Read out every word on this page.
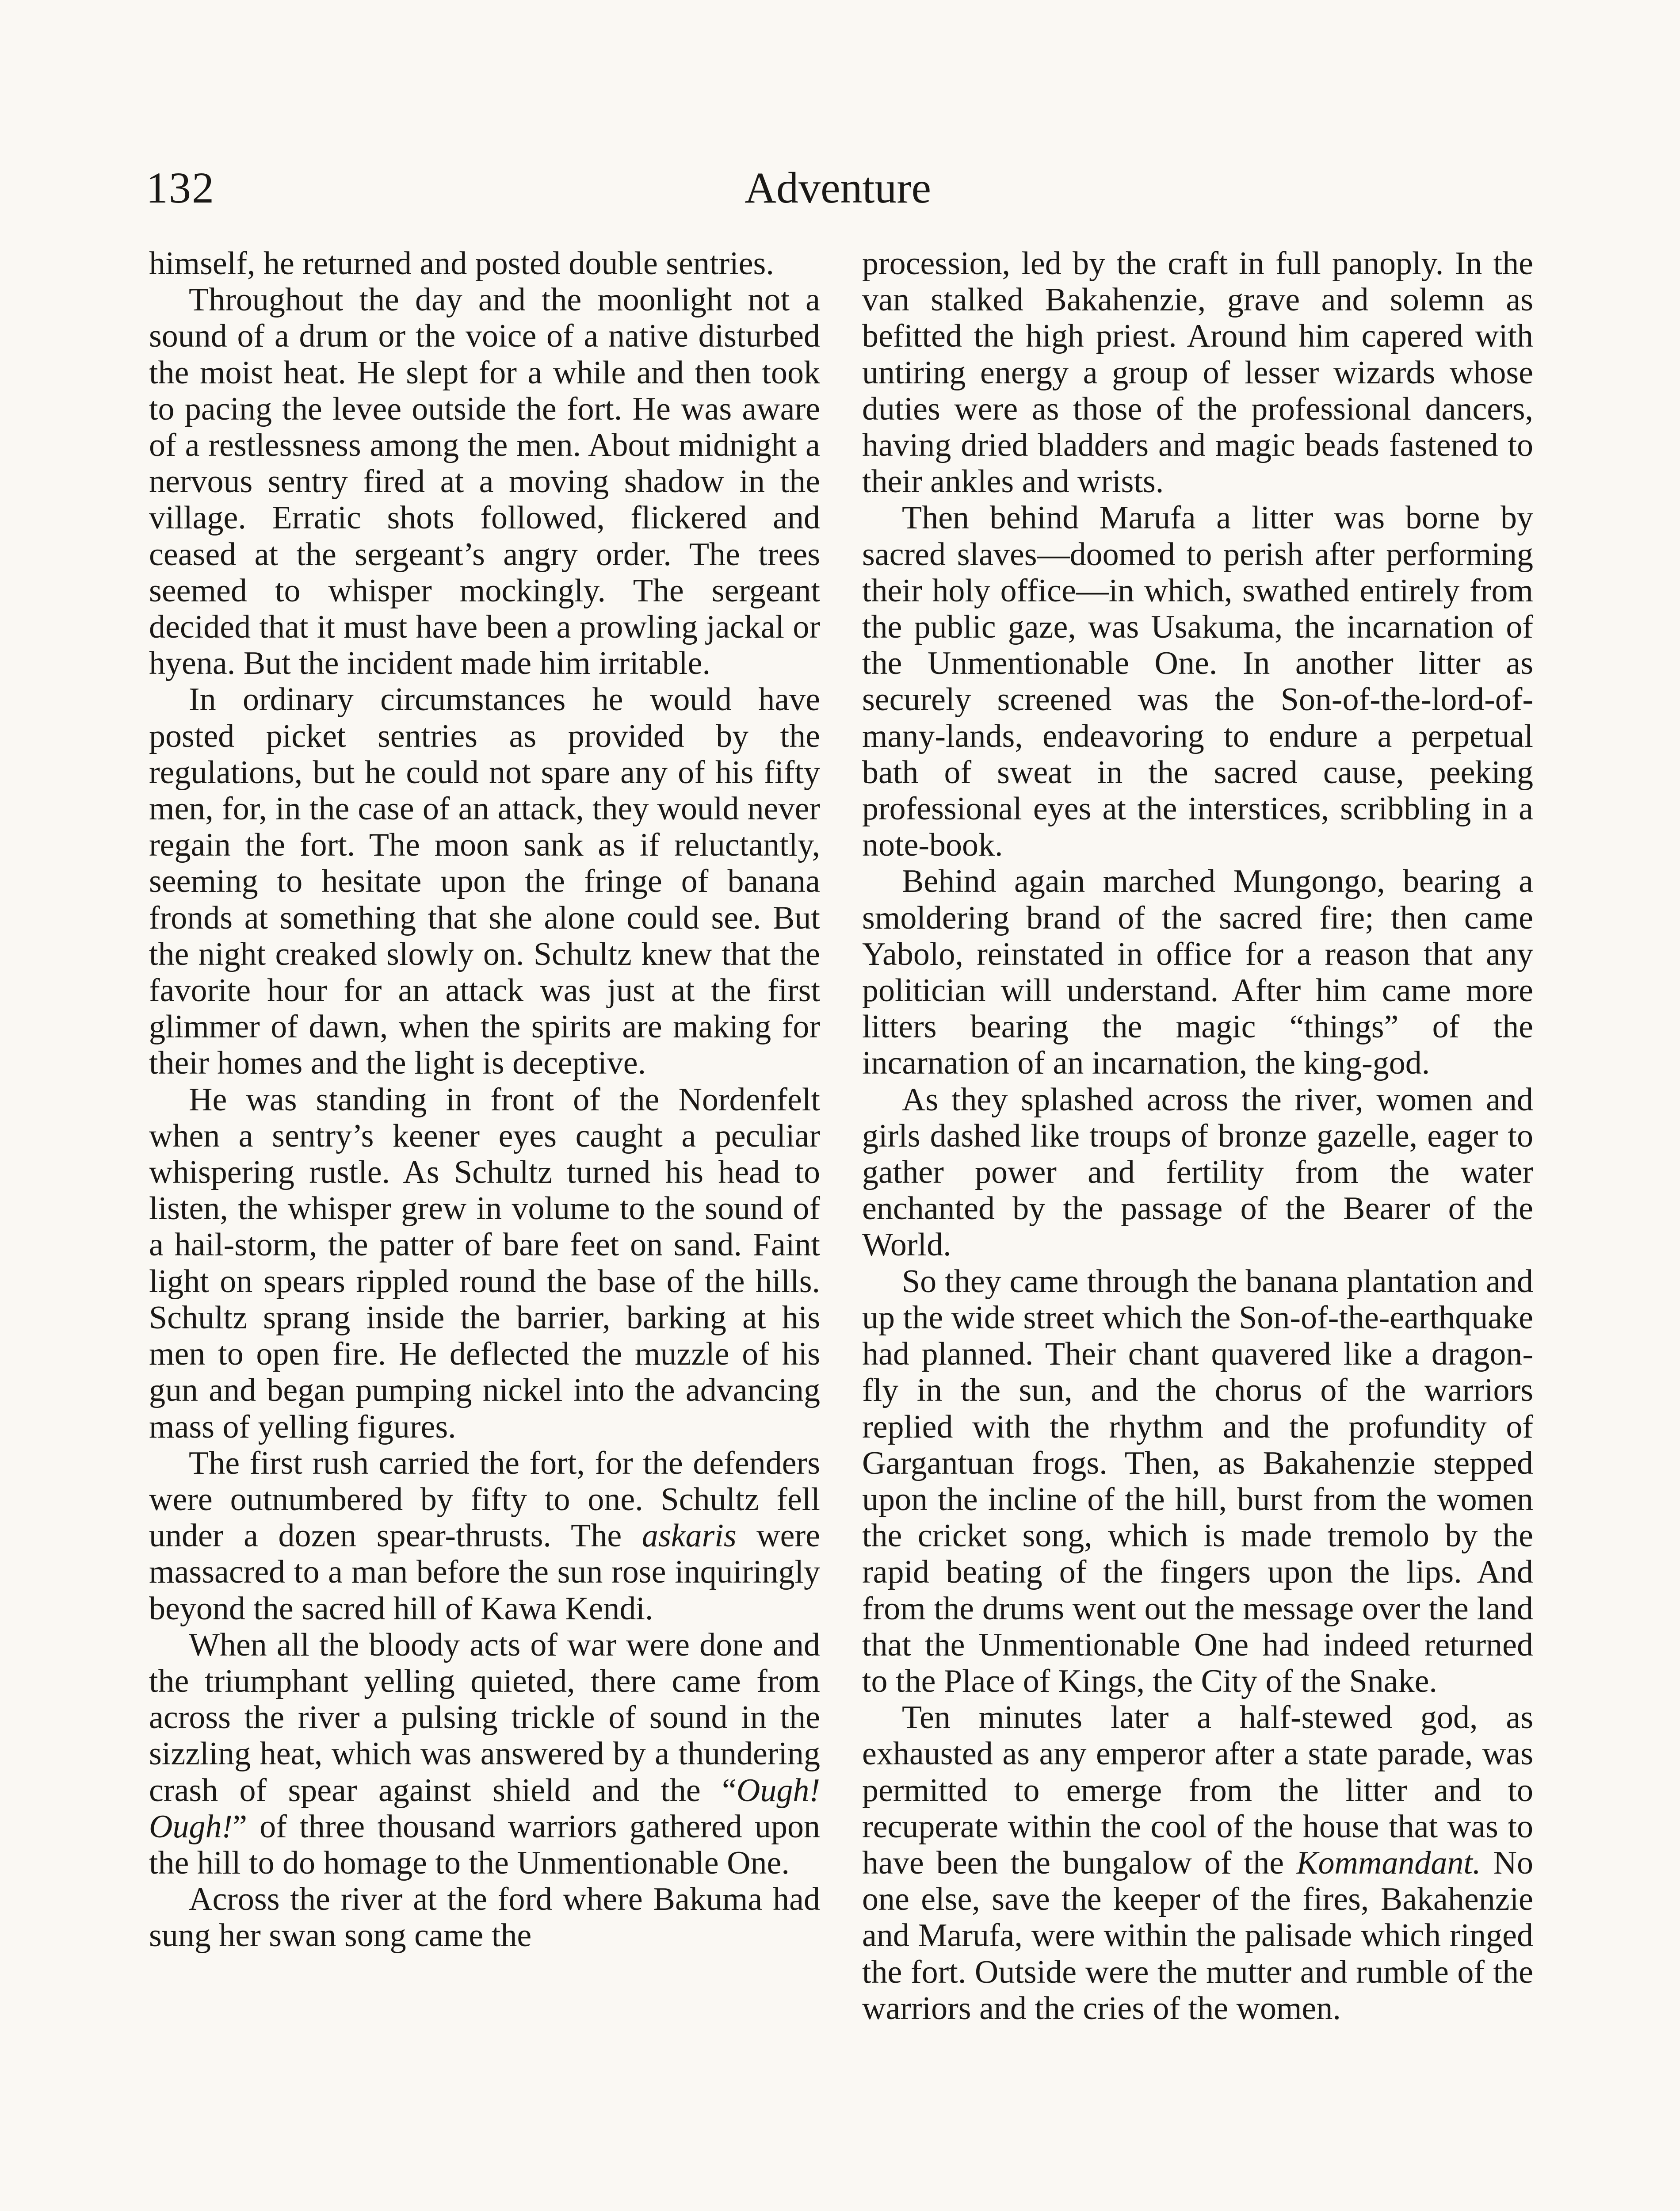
132	Adventure

himself, he returned and posted double sentries.

Throughout the day and the moonlight not a sound of a drum or the voice of a native disturbed the moist heat. He slept for a while and then took to pacing the levee outside the fort. He was aware of a restlessness among the men. About midnight a nervous sentry fired at a moving shadow in the village. Erratic shots followed, flickered and ceased at the sergeant’s angry order. The trees seemed to whisper mockingly. The sergeant decided that it must have been a prowling jackal or hyena. But the incident made him irritable.

In ordinary circumstances he would have posted picket sentries as provided by the regulations, but he could not spare any of his fifty men, for, in the case of an attack, they would never regain the fort. The moon sank as if reluctantly, seeming to hesitate upon the fringe of banana fronds at something that she alone could see. But the night creaked slowly on. Schultz knew that the favorite hour for an attack was just at the first glimmer of dawn, when the spirits are making for their homes and the light is deceptive.

He was standing in front of the Nordenfelt when a sentry’s keener eyes caught a peculiar whispering rustle. As Schultz turned his head to listen, the whisper grew in volume to the sound of a hail-storm, the patter of bare feet on sand. Faint light on spears rippled round the base of the hills. Schultz sprang inside the barrier, barking at his men to open fire. He deflected the muzzle of his gun and began pumping nickel into the advancing mass of yelling figures.

The first rush carried the fort, for the defenders were outnumbered by fifty to one. Schultz fell under a dozen spear-thrusts. The askaris were massacred to a man before the sun rose inquiringly beyond the sacred hill of Kawa Kendi.

When all the bloody acts of war were done and the triumphant yelling quieted, there came from across the river a pulsing trickle of sound in the sizzling heat, which was answered by a thundering crash of spear against shield and the “Ough! Ough!” of three thousand warriors gathered upon the hill to do homage to the Unmentionable One.

Across the river at the ford where Bakuma had sung her swan song came the

procession, led by the craft in full panoply. In the van stalked Bakahenzie, grave and solemn as befitted the high priest. Around him capered with untiring energy a group of lesser wizards whose duties were as those of the professional dancers, having dried bladders and magic beads fastened to their ankles and wrists.

Then behind Marufa a litter was borne by sacred slaves—doomed to perish after performing their holy office—in which, swathed entirely from the public gaze, was Usakuma, the incarnation of the Unmentionable One. In another litter as securely screened was the Son-of-the-lord-of-many-lands, endeavoring to endure a perpetual bath of sweat in the sacred cause, peeking professional eyes at the interstices, scribbling in a note-book.

Behind again marched Mungongo, bearing a smoldering brand of the sacred fire; then came Yabolo, reinstated in office for a reason that any politician will understand. After him came more litters bearing the magic “things” of the incarnation of an incarnation, the king-god.

As they splashed across the river, women and girls dashed like troups of bronze gazelle, eager to gather power and fertility from the water enchanted by the passage of the Bearer of the World.

So they came through the banana plantation and up the wide street which the Son-of-the-earthquake had planned. Their chant quavered like a dragon-fly in the sun, and the chorus of the warriors replied with the rhythm and the profundity of Gargantuan frogs. Then, as Bakahenzie stepped upon the incline of the hill, burst from the women the cricket song, which is made tremolo by the rapid beating of the fingers upon the lips. And from the drums went out the message over the land that the Unmentionable One had indeed returned to the Place of Kings, the City of the Snake.

Ten minutes later a half-stewed god, as exhausted as any emperor after a state parade, was permitted to emerge from the litter and to recuperate within the cool of the house that was to have been the bungalow of the Kommandant. No one else, save the keeper of the fires, Bakahenzie and Marufa, were within the palisade which ringed the fort. Outside were the mutter and rumble of the warriors and the cries of the women.
